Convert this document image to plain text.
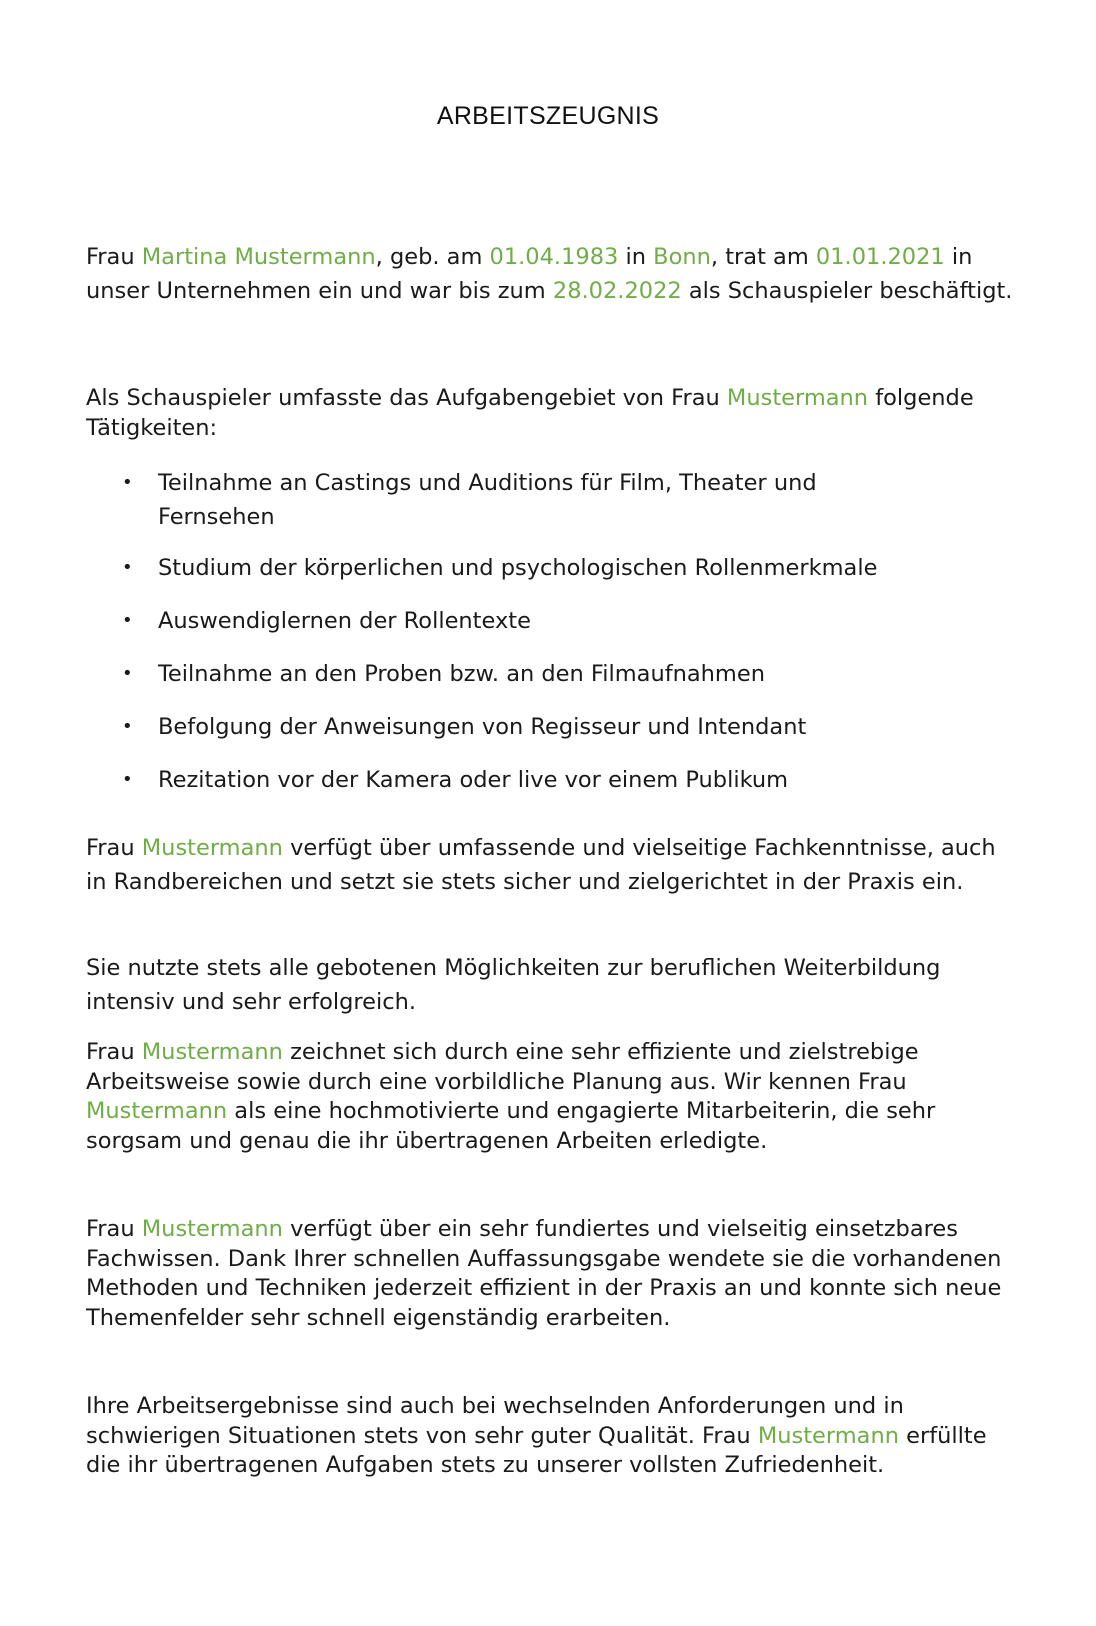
ARBEITSZEUGNIS

Frau Martina Mustermann, geb. am 01.04.1983 in Bonn, trat am 01.01.2021 in unser Unternehmen ein und war bis zum 28.02.2022 als Schauspieler beschäftigt.

Als Schauspieler umfasste das Aufgabengebiet von Frau Mustermann folgende Tätigkeiten:

• Teilnahme an Castings und Auditions für Film, Theater und Fernsehen
• Studium der körperlichen und psychologischen Rollenmerkmale
• Auswendiglernen der Rollentexte
• Teilnahme an den Proben bzw. an den Filmaufnahmen
• Befolgung der Anweisungen von Regisseur und Intendant
• Rezitation vor der Kamera oder live vor einem Publikum

Frau Mustermann verfügt über umfassende und vielseitige Fachkenntnisse, auch in Randbereichen und setzt sie stets sicher und zielgerichtet in der Praxis ein.

Sie nutzte stets alle gebotenen Möglichkeiten zur beruflichen Weiterbildung intensiv und sehr erfolgreich.

Frau Mustermann zeichnet sich durch eine sehr effiziente und zielstrebige Arbeitsweise sowie durch eine vorbildliche Planung aus. Wir kennen Frau Mustermann als eine hochmotivierte und engagierte Mitarbeiterin, die sehr sorgsam und genau die ihr übertragenen Arbeiten erledigte.

Frau Mustermann verfügt über ein sehr fundiertes und vielseitig einsetzbares Fachwissen. Dank Ihrer schnellen Auffassungsgabe wendete sie die vorhandenen Methoden und Techniken jederzeit effizient in der Praxis an und konnte sich neue Themenfelder sehr schnell eigenständig erarbeiten.

Ihre Arbeitsergebnisse sind auch bei wechselnden Anforderungen und in schwierigen Situationen stets von sehr guter Qualität. Frau Mustermann erfüllte die ihr übertragenen Aufgaben stets zu unserer vollsten Zufriedenheit.
